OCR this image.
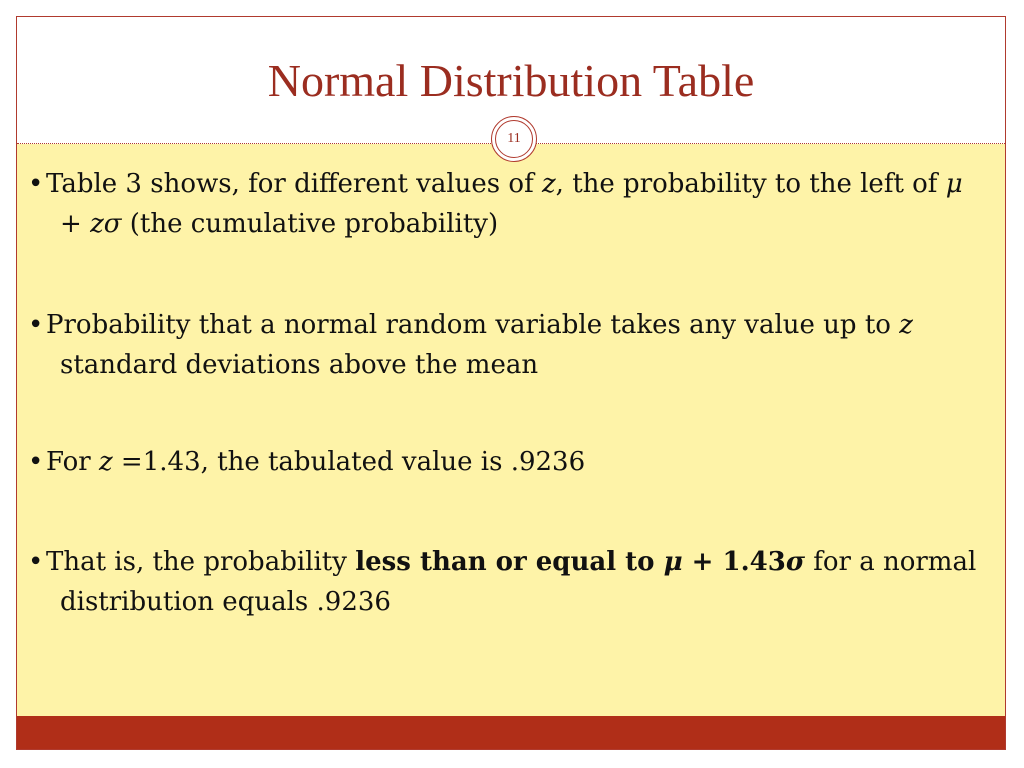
Normal Distribution Table
11

• Table 3 shows, for different values of z, the probability to the left of μ + zσ (the cumulative probability)

• Probability that a normal random variable takes any value up to z standard deviations above the mean

• For z =1.43, the tabulated value is .9236

• That is, the probability less than or equal to μ + 1.43σ for a normal distribution equals .9236
